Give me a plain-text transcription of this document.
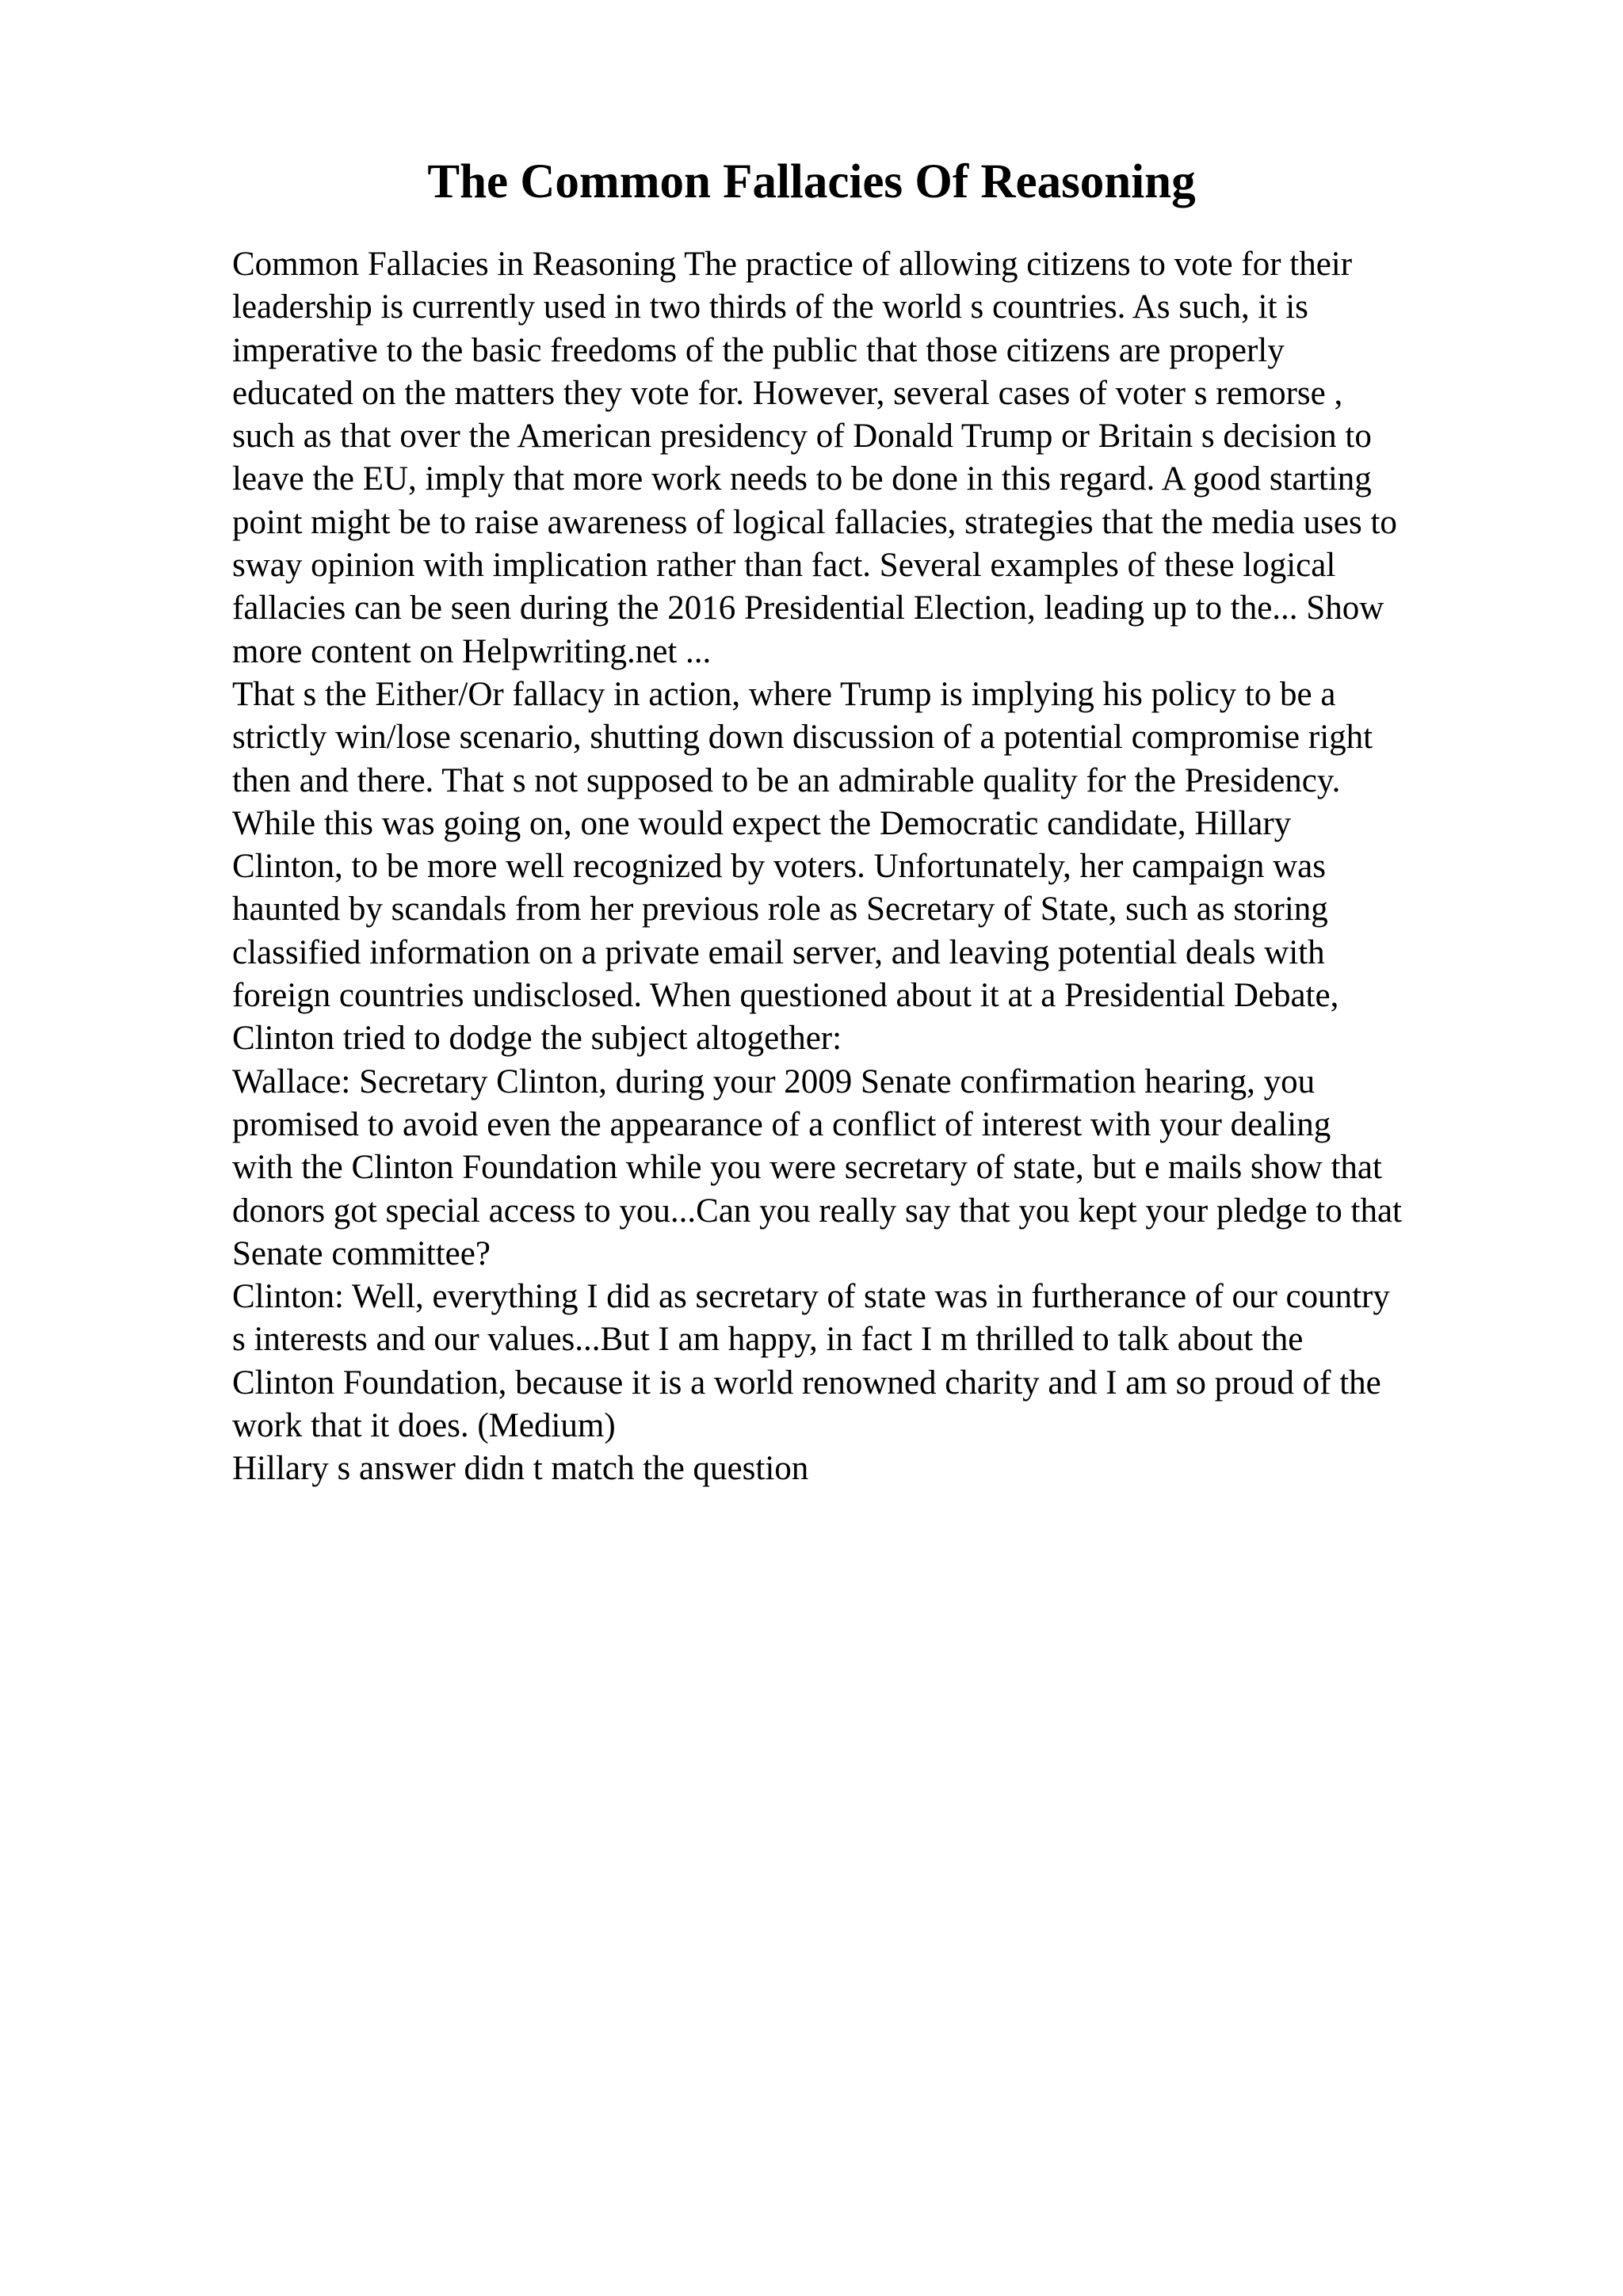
The Common Fallacies Of Reasoning
Common Fallacies in Reasoning The practice of allowing citizens to vote for their
leadership is currently used in two thirds of the world s countries. As such, it is
imperative to the basic freedoms of the public that those citizens are properly
educated on the matters they vote for. However, several cases of voter s remorse ,
such as that over the American presidency of Donald Trump or Britain s decision to
leave the EU, imply that more work needs to be done in this regard. A good starting
point might be to raise awareness of logical fallacies, strategies that the media uses to
sway opinion with implication rather than fact. Several examples of these logical
fallacies can be seen during the 2016 Presidential Election, leading up to the... Show
more content on Helpwriting.net ...
That s the Either/Or fallacy in action, where Trump is implying his policy to be a
strictly win/lose scenario, shutting down discussion of a potential compromise right
then and there. That s not supposed to be an admirable quality for the Presidency.
While this was going on, one would expect the Democratic candidate, Hillary
Clinton, to be more well recognized by voters. Unfortunately, her campaign was
haunted by scandals from her previous role as Secretary of State, such as storing
classified information on a private email server, and leaving potential deals with
foreign countries undisclosed. When questioned about it at a Presidential Debate,
Clinton tried to dodge the subject altogether:
Wallace: Secretary Clinton, during your 2009 Senate confirmation hearing, you
promised to avoid even the appearance of a conflict of interest with your dealing
with the Clinton Foundation while you were secretary of state, but e mails show that
donors got special access to you...Can you really say that you kept your pledge to that
Senate committee?
Clinton: Well, everything I did as secretary of state was in furtherance of our country
s interests and our values...But I am happy, in fact I m thrilled to talk about the
Clinton Foundation, because it is a world renowned charity and I am so proud of the
work that it does. (Medium)
Hillary s answer didn t match the question
